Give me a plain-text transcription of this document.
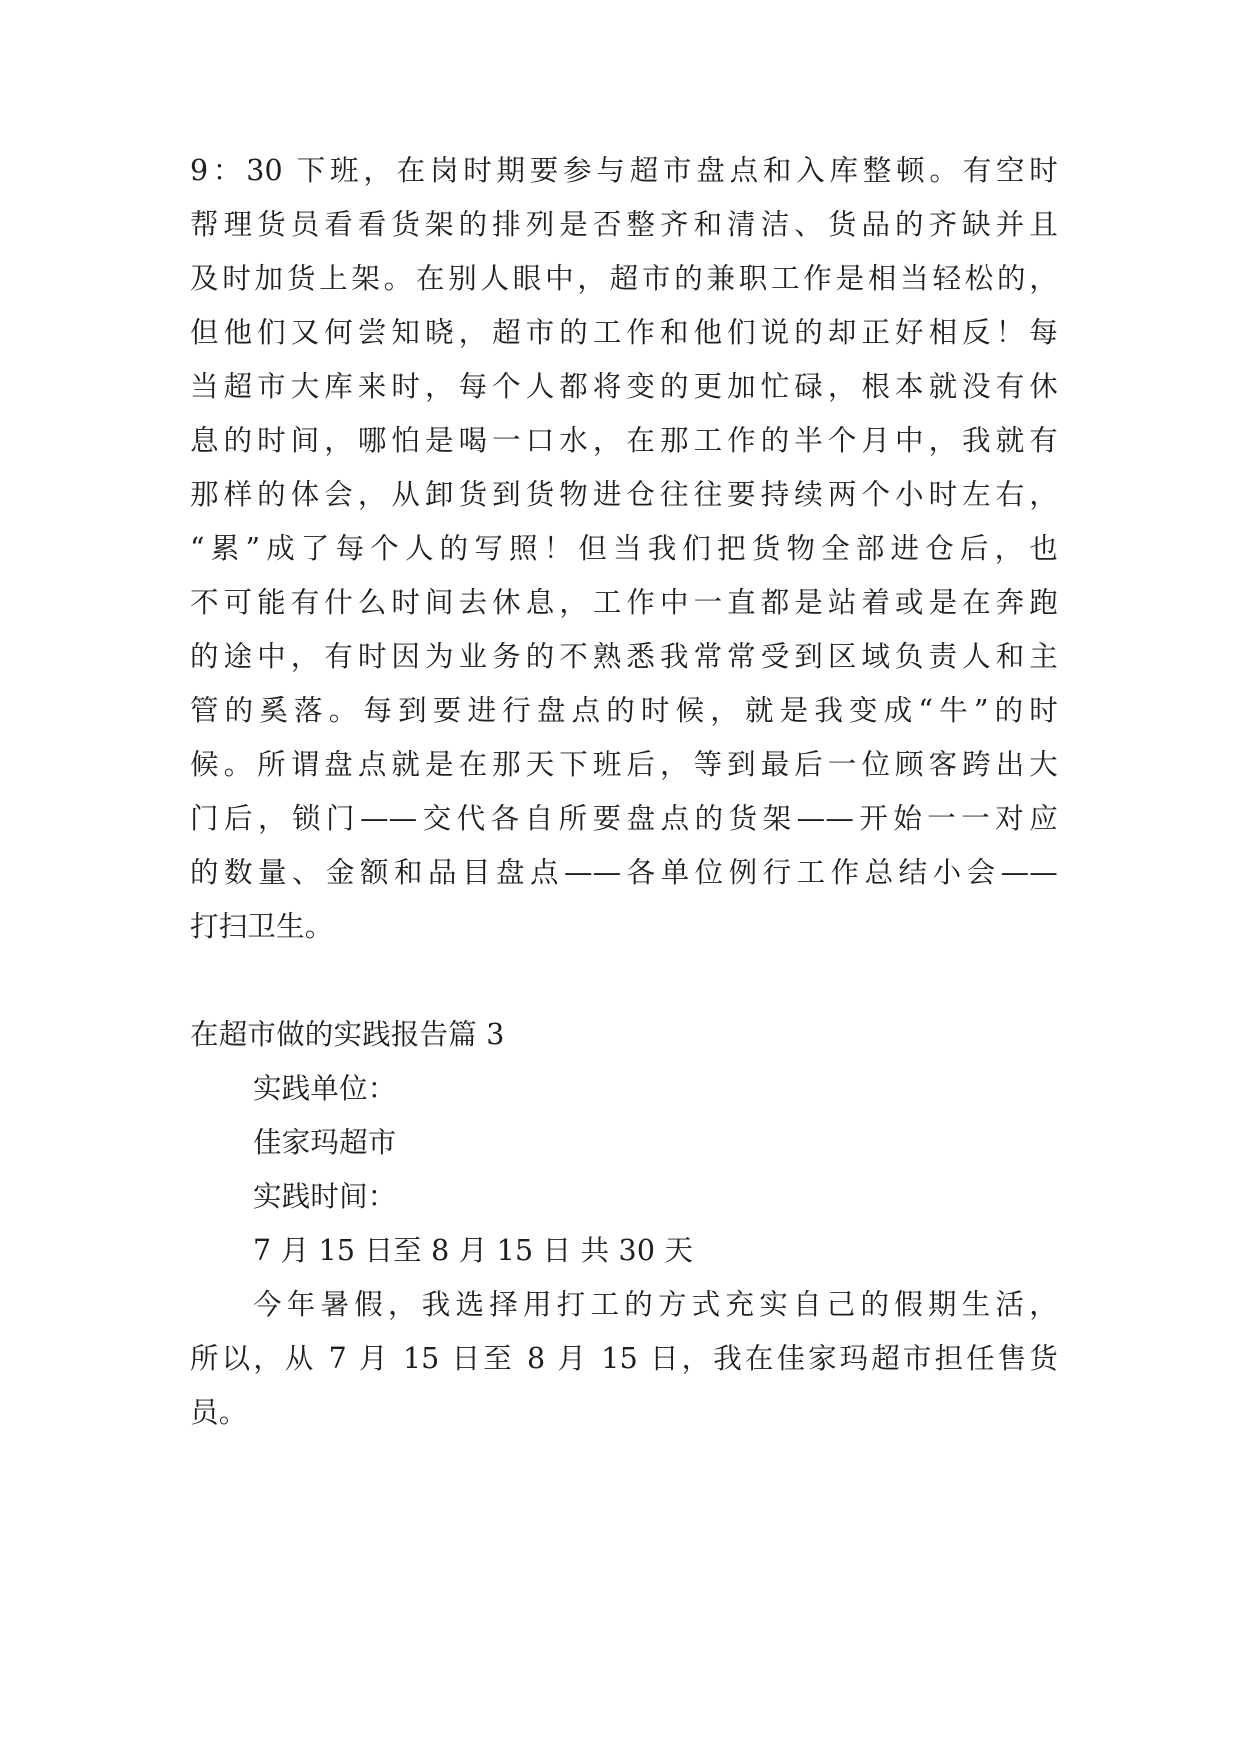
9：30 下班，在岗时期要参与超市盘点和入库整顿。有空时
帮理货员看看货架的排列是否整齐和清洁、货品的齐缺并且
及时加货上架。在别人眼中，超市的兼职工作是相当轻松的，
但他们又何尝知晓，超市的工作和他们说的却正好相反！每
当超市大库来时，每个人都将变的更加忙碌，根本就没有休
息的时间，哪怕是喝一口水，在那工作的半个月中，我就有
那样的体会，从卸货到货物进仓往往要持续两个小时左右，
“累”成了每个人的写照！但当我们把货物全部进仓后，也
不可能有什么时间去休息，工作中一直都是站着或是在奔跑
的途中，有时因为业务的不熟悉我常常受到区域负责人和主
管的奚落。每到要进行盘点的时候，就是我变成“牛”的时
候。所谓盘点就是在那天下班后，等到最后一位顾客跨出大
门后，锁门——交代各自所要盘点的货架——开始一一对应
的数量、金额和品目盘点——各单位例行工作总结小会——
打扫卫生。
在超市做的实践报告篇 3
实践单位：
佳家玛超市
实践时间：
7 月 15 日至 8 月 15 日 共 30 天
今年暑假，我选择用打工的方式充实自己的假期生活，
所以，从 7 月 15 日至 8 月 15 日，我在佳家玛超市担任售货
员。
